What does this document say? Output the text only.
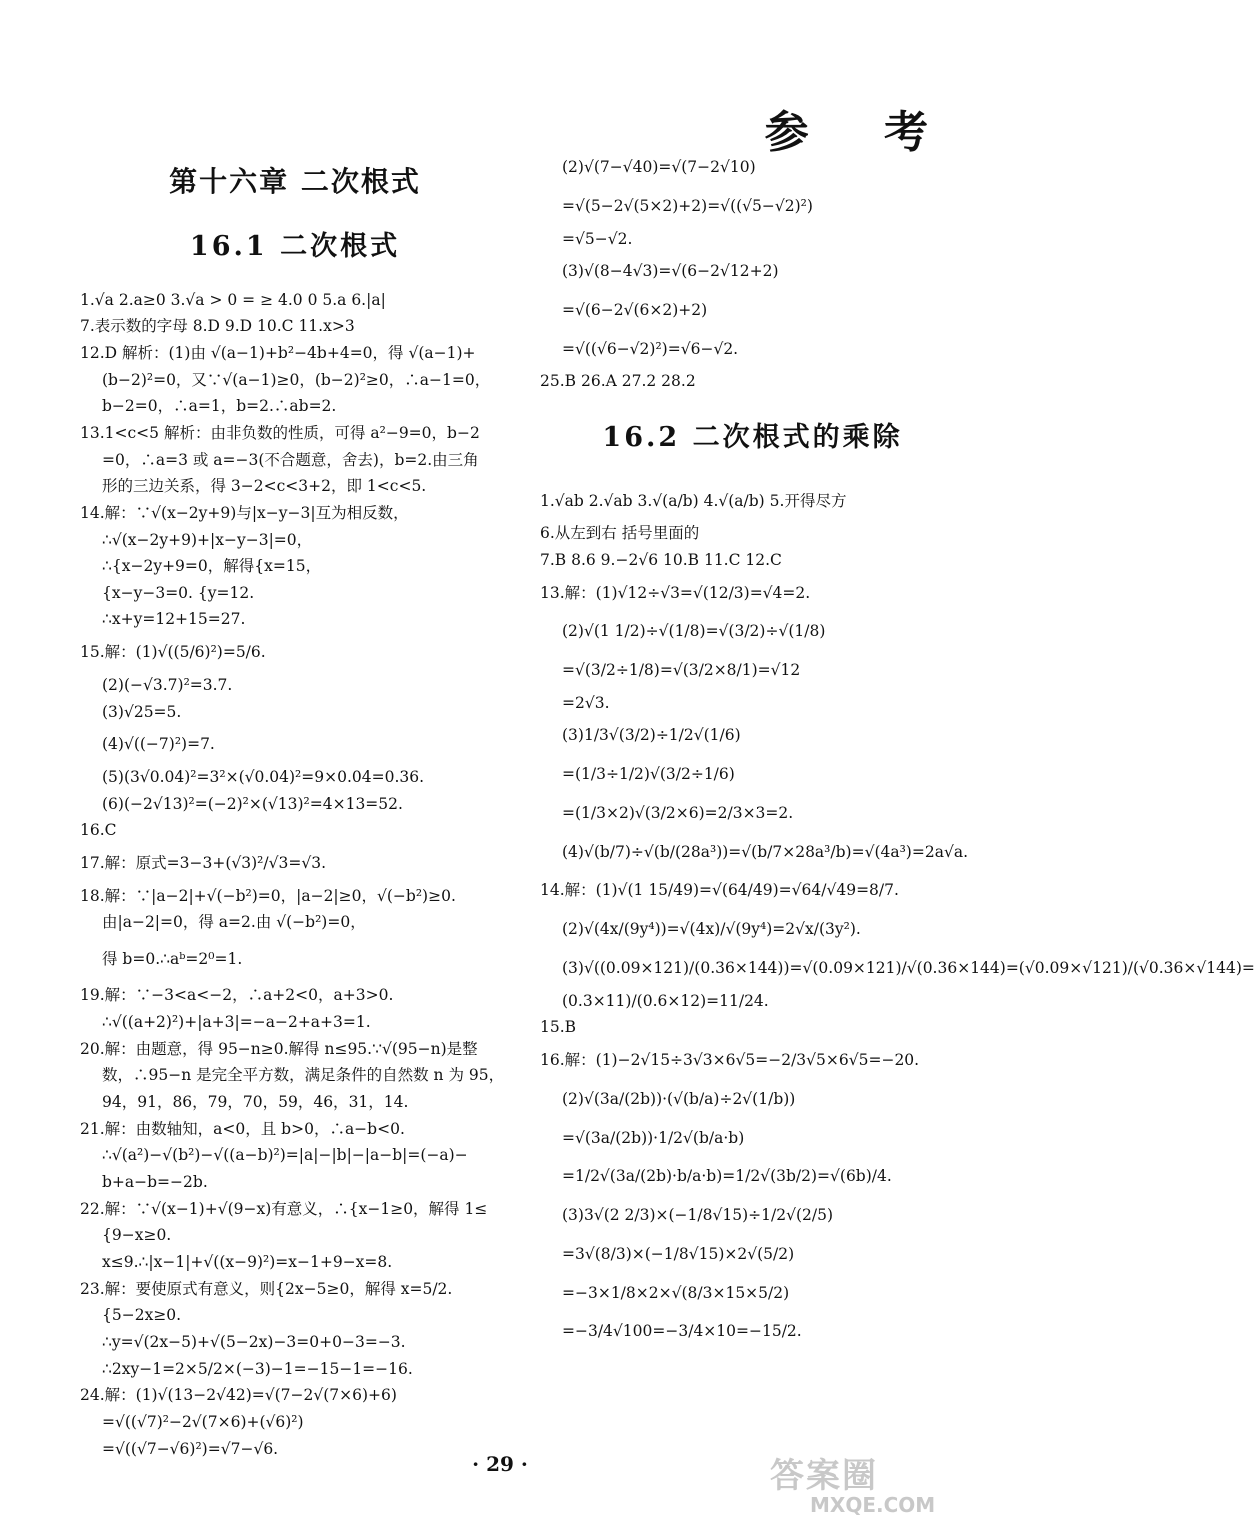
参 考
第十六章 二次根式
16.1 二次根式
1.√a 2.a≥0 3.√a > 0 = ≥ 4.0 0 5.a 6.|a|
7.表示数的字母 8.D 9.D 10.C 11.x>3
12.D 解析：(1)由 √(a−1)+b²−4b+4=0，得 √(a−1)+
(b−2)²=0，又∵√(a−1)≥0，(b−2)²≥0，∴a−1=0，
b−2=0，∴a=1，b=2.∴ab=2.
13.1<c<5 解析：由非负数的性质，可得 a²−9=0，b−2
=0，∴a=3 或 a=−3(不合题意，舍去)，b=2.由三角
形的三边关系，得 3−2<c<3+2，即 1<c<5.
14.解：∵√(x−2y+9)与|x−y−3|互为相反数，
∴√(x−2y+9)+|x−y−3|=0，
∴{x−2y+9=0，解得{x=15，
{x−y−3=0. {y=12.
∴x+y=12+15=27.
15.解：(1)√((5/6)²)=5/6.
(2)(−√3.7)²=3.7.
(3)√25=5.
(4)√((−7)²)=7.
(5)(3√0.04)²=3²×(√0.04)²=9×0.04=0.36.
(6)(−2√13)²=(−2)²×(√13)²=4×13=52.
16.C
17.解：原式=3−3+(√3)²/√3=√3.
18.解：∵|a−2|+√(−b²)=0，|a−2|≥0，√(−b²)≥0.
由|a−2|=0，得 a=2.由 √(−b²)=0，
得 b=0.∴aᵇ=2⁰=1.
19.解：∵−3<a<−2，∴a+2<0，a+3>0.
∴√((a+2)²)+|a+3|=−a−2+a+3=1.
20.解：由题意，得 95−n≥0.解得 n≤95.∵√(95−n)是整
数，∴95−n 是完全平方数，满足条件的自然数 n 为 95，
94，91，86，79，70，59，46，31，14.
21.解：由数轴知，a<0，且 b>0，∴a−b<0.
∴√(a²)−√(b²)−√((a−b)²)=|a|−|b|−|a−b|=(−a)−
b+a−b=−2b.
22.解：∵√(x−1)+√(9−x)有意义，∴{x−1≥0，解得 1≤
{9−x≥0.
x≤9.∴|x−1|+√((x−9)²)=x−1+9−x=8.
23.解：要使原式有意义，则{2x−5≥0，解得 x=5/2.
{5−2x≥0.
∴y=√(2x−5)+√(5−2x)−3=0+0−3=−3.
∴2xy−1=2×5/2×(−3)−1=−15−1=−16.
24.解：(1)√(13−2√42)=√(7−2√(7×6)+6)
=√((√7)²−2√(7×6)+(√6)²)
=√((√7−√6)²)=√7−√6.
(2)√(7−√40)=√(7−2√10)
=√(5−2√(5×2)+2)=√((√5−√2)²)
=√5−√2.
(3)√(8−4√3)=√(6−2√12+2)
=√(6−2√(6×2)+2)
=√((√6−√2)²)=√6−√2.
25.B 26.A 27.2 28.2
16.2 二次根式的乘除
1.√ab 2.√ab 3.√(a/b) 4.√(a/b) 5.开得尽方
6.从左到右 括号里面的
7.B 8.6 9.−2√6 10.B 11.C 12.C
13.解：(1)√12÷√3=√(12/3)=√4=2.
(2)√(1 1/2)÷√(1/8)=√(3/2)÷√(1/8)
=√(3/2÷1/8)=√(3/2×8/1)=√12
=2√3.
(3)1/3√(3/2)÷1/2√(1/6)
=(1/3÷1/2)√(3/2÷1/6)
=(1/3×2)√(3/2×6)=2/3×3=2.
(4)√(b/7)÷√(b/(28a³))=√(b/7×28a³/b)=√(4a³)=2a√a.
14.解：(1)√(1 15/49)=√(64/49)=√64/√49=8/7.
(2)√(4x/(9y⁴))=√(4x)/√(9y⁴)=2√x/(3y²).
(3)√((0.09×121)/(0.36×144))=√(0.09×121)/√(0.36×144)=(√0.09×√121)/(√0.36×√144)=
(0.3×11)/(0.6×12)=11/24.
15.B
16.解：(1)−2√15÷3√3×6√5=−2/3√5×6√5=−20.
(2)√(3a/(2b))·(√(b/a)÷2√(1/b))
=√(3a/(2b))·1/2√(b/a·b)
=1/2√(3a/(2b)·b/a·b)=1/2√(3b/2)=√(6b)/4.
(3)3√(2 2/3)×(−1/8√15)÷1/2√(2/5)
=3√(8/3)×(−1/8√15)×2√(5/2)
=−3×1/8×2×√(8/3×15×5/2)
=−3/4√100=−3/4×10=−15/2.
· 29 ·	答案圈
MXQE.COM
